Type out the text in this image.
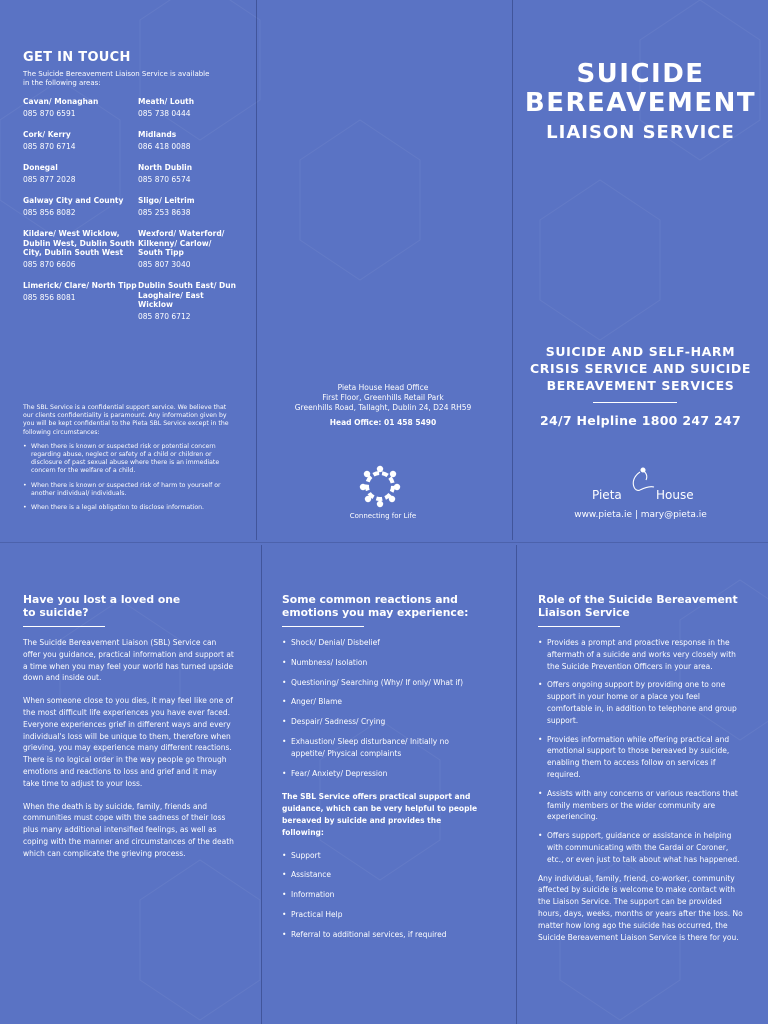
GET IN TOUCH
The Suicide Bereavement Liaison Service is available in the following areas:
Cavan/ Monaghan
085 870 6591
Meath/ Louth
085 738 0444
Cork/ Kerry
085 870 6714
Midlands
086 418 0088
Donegal
085 877 2028
North Dublin
085 870 6574
Galway City and County
085 856 8082
Sligo/ Leitrim
085 253 8638
Kildare/ West Wicklow, Dublin West, Dublin South City, Dublin South West
085 870 6606
Wexford/ Waterford/ Kilkenny/ Carlow/ South Tipp
085 807 3040
Limerick/ Clare/ North Tipp
085 856 8081
Dublin South East/ Dun Laoghaire/ East Wicklow
085 870 6712
The SBL Service is a confidential support service. We believe that our clients confidentiality is paramount. Any information given by you will be kept confidential to the Pieta SBL Service except in the following circumstances:
• When there is known or suspected risk or potential concern regarding abuse, neglect or safety of a child or children or disclosure of past sexual abuse where there is an immediate concern for the welfare of a child.
• When there is known or suspected risk of harm to yourself or another individual/ individuals.
• When there is a legal obligation to disclose information.
Pieta House Head Office
First Floor, Greenhills Retail Park
Greenhills Road, Tallaght, Dublin 24, D24 RH59
Head Office: 01 458 5490
Connecting for Life
SUICIDE
BEREAVEMENT
LIAISON SERVICE
SUICIDE AND SELF-HARM
CRISIS SERVICE AND SUICIDE
BEREAVEMENT SERVICES
24/7 Helpline 1800 247 247
Pieta	House
www.pieta.ie | mary@pieta.ie
Have you lost a loved one
to suicide?

The Suicide Bereavement Liaison (SBL) Service can offer you guidance, practical information and support at a time when you may feel your world has turned upside down and inside out.

When someone close to you dies, it may feel like one of the most difficult life experiences you have ever faced. Everyone experiences grief in different ways and every individual's loss will be unique to them, therefore when grieving, you may experience many different reactions. There is no logical order in the way people go through emotions and reactions to loss and grief and it may take time to adjust to your loss.

When the death is by suicide, family, friends and communities must cope with the sadness of their loss plus many additional intensified feelings, as well as coping with the manner and circumstances of the death which can complicate the grieving process.

Some common reactions and
emotions you may experience:
• Shock/ Denial/ Disbelief
• Numbness/ Isolation
• Questioning/ Searching (Why/ If only/ What if)
• Anger/ Blame
• Despair/ Sadness/ Crying
• Exhaustion/ Sleep disturbance/ Initially no appetite/ Physical complaints
• Fear/ Anxiety/ Depression

The SBL Service offers practical support and guidance, which can be very helpful to people bereaved by suicide and provides the following:

• Support
• Assistance
• Information
• Practical Help
• Referral to additional services, if required
Role of the Suicide Bereavement
Liaison Service
• Provides a prompt and proactive response in the aftermath of a suicide and works very closely with the Suicide Prevention Officers in your area.
• Offers ongoing support by providing one to one support in your home or a place you feel comfortable in, in addition to telephone and group support.
• Provides information while offering practical and emotional support to those bereaved by suicide, enabling them to access follow on services if required.
• Assists with any concerns or various reactions that family members or the wider community are experiencing.
• Offers support, guidance or assistance in helping with communicating with the Gardai or Coroner, etc., or even just to talk about what has happened.

Any individual, family, friend, co-worker, community affected by suicide is welcome to make contact with the Liaison Service. The support can be provided hours, days, weeks, months or years after the loss. No matter how long ago the suicide has occurred, the Suicide Bereavement Liaison Service is there for you.
